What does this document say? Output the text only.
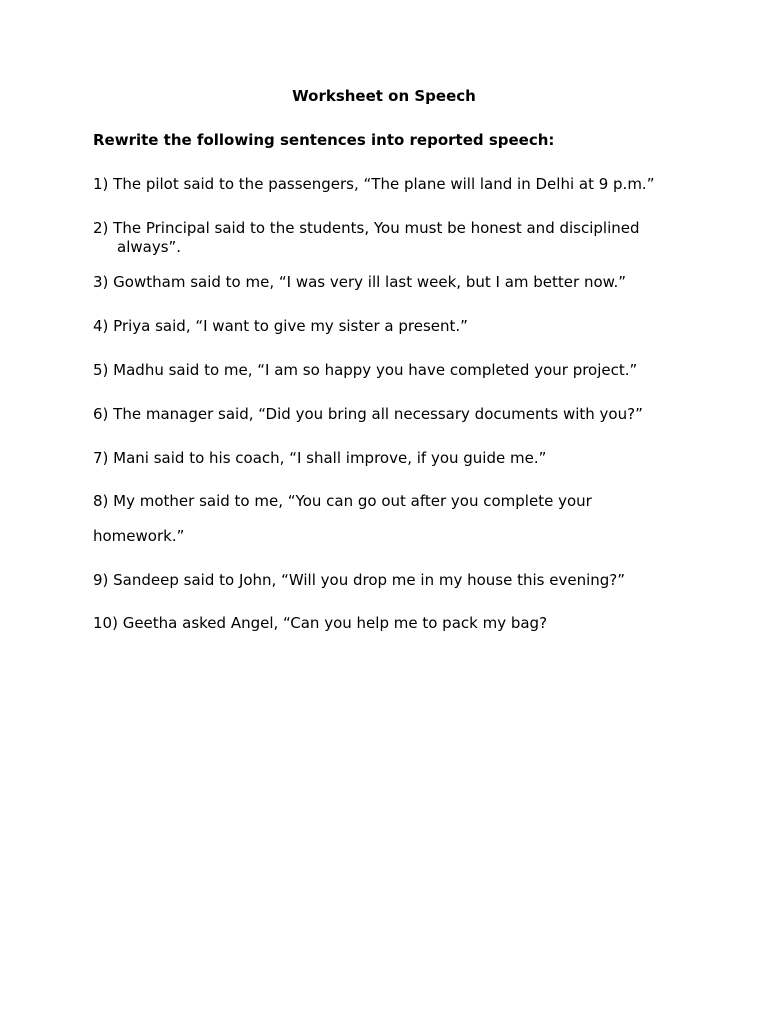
Worksheet on Speech

Rewrite the following sentences into reported speech:

1) The pilot said to the passengers, “The plane will land in Delhi at 9 p.m.”

2) The Principal said to the students, You must be honest and disciplined
always”.

3) Gowtham said to me, “I was very ill last week, but I am better now.”

4) Priya said, “I want to give my sister a present.”

5) Madhu said to me, “I am so happy you have completed your project.”

6) The manager said, “Did you bring all necessary documents with you?”

7) Mani said to his coach, “I shall improve, if you guide me.”

8) My mother said to me, “You can go out after you complete your

homework.”

9) Sandeep said to John, “Will you drop me in my house this evening?”

10) Geetha asked Angel, “Can you help me to pack my bag?
